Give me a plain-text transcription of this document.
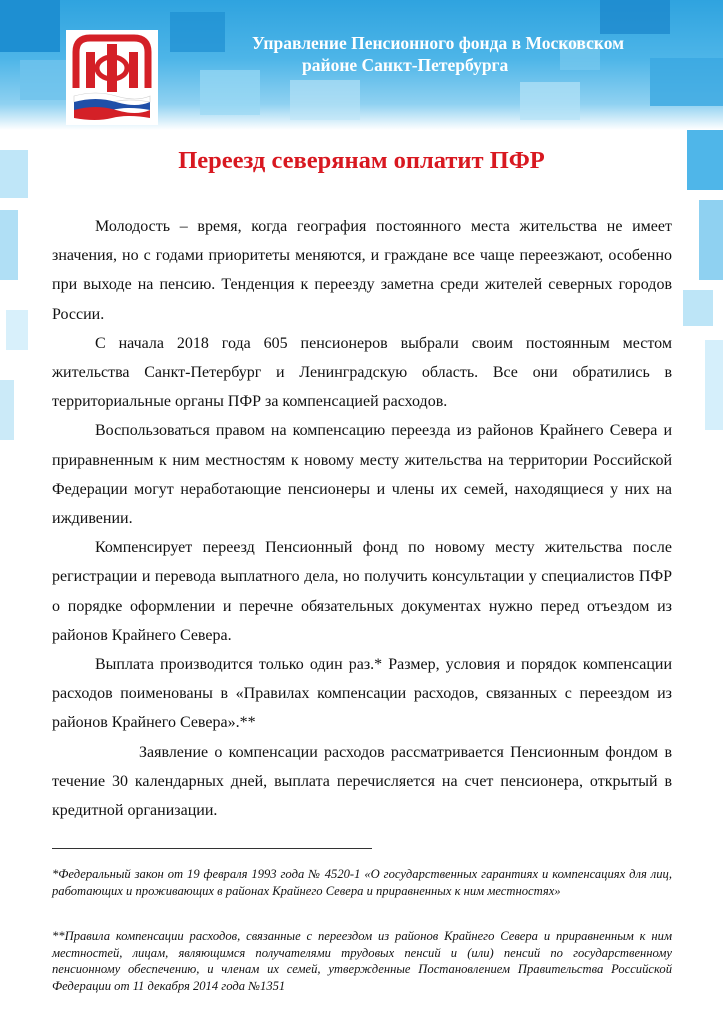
Управление Пенсионного фонда в Московском
районе Санкт-Петербурга
Переезд северянам оплатит ПФР

Молодость – время, когда география постоянного места жительства не имеет значения, но с годами приоритеты меняются, и граждане все чаще переезжают, особенно при выходе на пенсию. Тенденция к переезду заметна среди жителей северных городов России.

С начала 2018 года 605 пенсионеров выбрали своим постоянным местом жительства Санкт-Петербург и Ленинградскую область. Все они обратились в территориальные органы ПФР за компенсацией расходов.

Воспользоваться правом на компенсацию переезда из районов Крайнего Севера и приравненным к ним местностям к новому месту жительства на территории Российской Федерации могут неработающие пенсионеры и члены их семей, находящиеся у них на иждивении.

Компенсирует переезд Пенсионный фонд по новому месту жительства после регистрации и перевода выплатного дела, но получить консультации у специалистов ПФР о порядке оформлении и перечне обязательных документах нужно перед отъездом из районов Крайнего Севера.

Выплата производится только один раз.* Размер, условия и порядок компенсации расходов поименованы в «Правилах компенсации расходов, связанных с переездом из районов Крайнего Севера».**

Заявление о компенсации расходов рассматривается Пенсионным фондом в течение 30 календарных дней, выплата перечисляется на счет пенсионера, открытый в кредитной организации.

*Федеральный закон от 19 февраля 1993 года № 4520-1 «О государственных гарантиях и компенсациях для лиц, работающих и проживающих в районах Крайнего Севера и приравненных к ним местностях»
**Правила компенсации расходов, связанные с переездом из районов Крайнего Севера и приравненным к ним местностей, лицам, являющимся получателями трудовых пенсий и (или) пенсий по государственному пенсионному обеспечению, и членам их семей, утвержденные Постановлением Правительства Российской Федерации от 11 декабря 2014 года №1351
